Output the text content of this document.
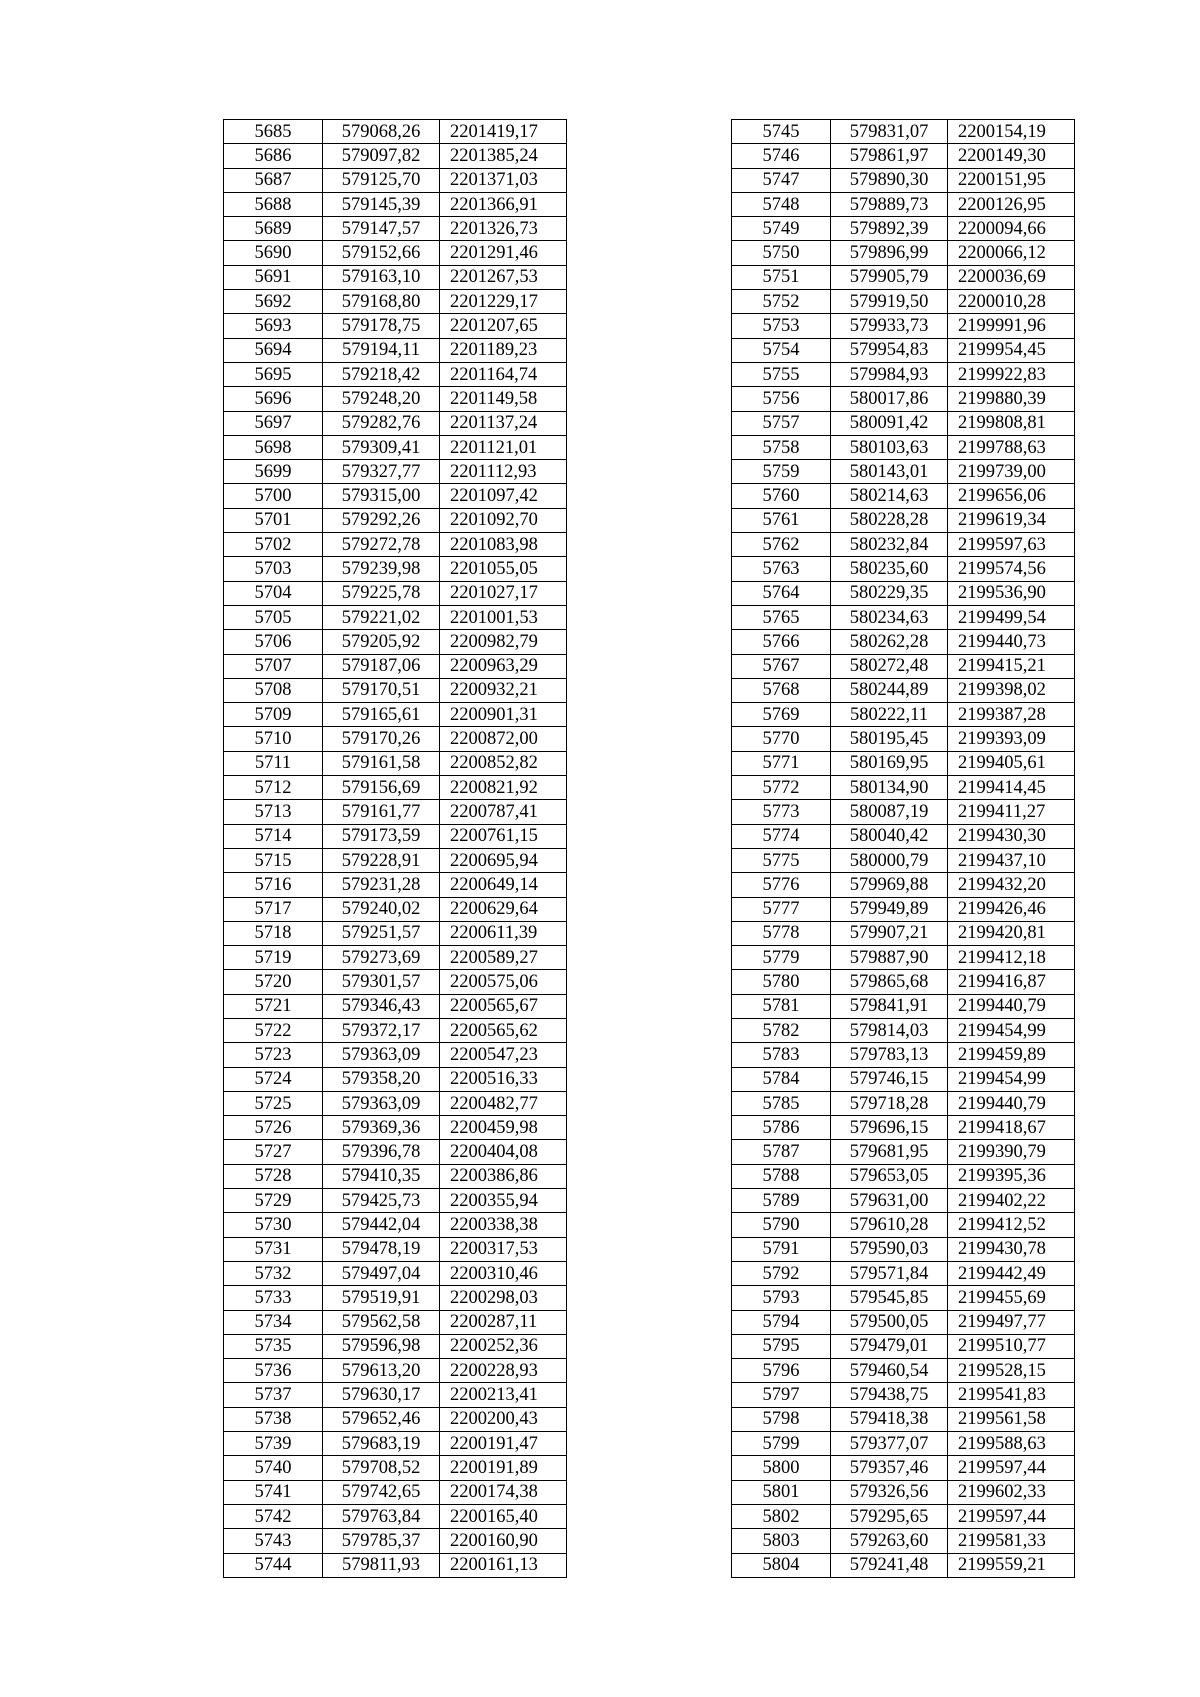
5685	579068,26	2201419,17
5686	579097,82	2201385,24
5687	579125,70	2201371,03
5688	579145,39	2201366,91
5689	579147,57	2201326,73
5690	579152,66	2201291,46
5691	579163,10	2201267,53
5692	579168,80	2201229,17
5693	579178,75	2201207,65
5694	579194,11	2201189,23
5695	579218,42	2201164,74
5696	579248,20	2201149,58
5697	579282,76	2201137,24
5698	579309,41	2201121,01
5699	579327,77	2201112,93
5700	579315,00	2201097,42
5701	579292,26	2201092,70
5702	579272,78	2201083,98
5703	579239,98	2201055,05
5704	579225,78	2201027,17
5705	579221,02	2201001,53
5706	579205,92	2200982,79
5707	579187,06	2200963,29
5708	579170,51	2200932,21
5709	579165,61	2200901,31
5710	579170,26	2200872,00
5711	579161,58	2200852,82
5712	579156,69	2200821,92
5713	579161,77	2200787,41
5714	579173,59	2200761,15
5715	579228,91	2200695,94
5716	579231,28	2200649,14
5717	579240,02	2200629,64
5718	579251,57	2200611,39
5719	579273,69	2200589,27
5720	579301,57	2200575,06
5721	579346,43	2200565,67
5722	579372,17	2200565,62
5723	579363,09	2200547,23
5724	579358,20	2200516,33
5725	579363,09	2200482,77
5726	579369,36	2200459,98
5727	579396,78	2200404,08
5728	579410,35	2200386,86
5729	579425,73	2200355,94
5730	579442,04	2200338,38
5731	579478,19	2200317,53
5732	579497,04	2200310,46
5733	579519,91	2200298,03
5734	579562,58	2200287,11
5735	579596,98	2200252,36
5736	579613,20	2200228,93
5737	579630,17	2200213,41
5738	579652,46	2200200,43
5739	579683,19	2200191,47
5740	579708,52	2200191,89
5741	579742,65	2200174,38
5742	579763,84	2200165,40
5743	579785,37	2200160,90
5744	579811,93	2200161,13
5745	579831,07	2200154,19
5746	579861,97	2200149,30
5747	579890,30	2200151,95
5748	579889,73	2200126,95
5749	579892,39	2200094,66
5750	579896,99	2200066,12
5751	579905,79	2200036,69
5752	579919,50	2200010,28
5753	579933,73	2199991,96
5754	579954,83	2199954,45
5755	579984,93	2199922,83
5756	580017,86	2199880,39
5757	580091,42	2199808,81
5758	580103,63	2199788,63
5759	580143,01	2199739,00
5760	580214,63	2199656,06
5761	580228,28	2199619,34
5762	580232,84	2199597,63
5763	580235,60	2199574,56
5764	580229,35	2199536,90
5765	580234,63	2199499,54
5766	580262,28	2199440,73
5767	580272,48	2199415,21
5768	580244,89	2199398,02
5769	580222,11	2199387,28
5770	580195,45	2199393,09
5771	580169,95	2199405,61
5772	580134,90	2199414,45
5773	580087,19	2199411,27
5774	580040,42	2199430,30
5775	580000,79	2199437,10
5776	579969,88	2199432,20
5777	579949,89	2199426,46
5778	579907,21	2199420,81
5779	579887,90	2199412,18
5780	579865,68	2199416,87
5781	579841,91	2199440,79
5782	579814,03	2199454,99
5783	579783,13	2199459,89
5784	579746,15	2199454,99
5785	579718,28	2199440,79
5786	579696,15	2199418,67
5787	579681,95	2199390,79
5788	579653,05	2199395,36
5789	579631,00	2199402,22
5790	579610,28	2199412,52
5791	579590,03	2199430,78
5792	579571,84	2199442,49
5793	579545,85	2199455,69
5794	579500,05	2199497,77
5795	579479,01	2199510,77
5796	579460,54	2199528,15
5797	579438,75	2199541,83
5798	579418,38	2199561,58
5799	579377,07	2199588,63
5800	579357,46	2199597,44
5801	579326,56	2199602,33
5802	579295,65	2199597,44
5803	579263,60	2199581,33
5804	579241,48	2199559,21
